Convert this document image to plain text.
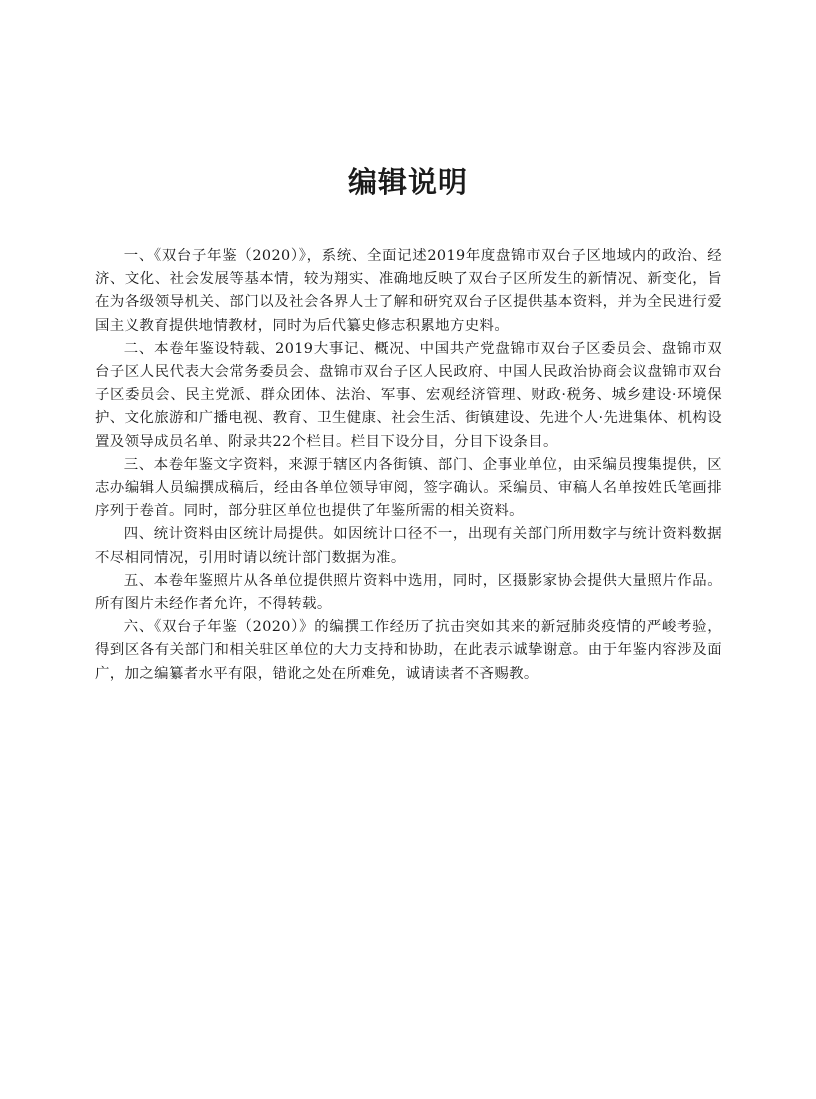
编辑说明

一、《双台子年鉴（2020）》，系统、全面记述2019年度盘锦市双台子区地域内的政治、经济、文化、社会发展等基本情，较为翔实、准确地反映了双台子区所发生的新情况、新变化，旨在为各级领导机关、部门以及社会各界人士了解和研究双台子区提供基本资料，并为全民进行爱国主义教育提供地情教材，同时为后代纂史修志积累地方史料。

二、本卷年鉴设特载、2019大事记、概况、中国共产党盘锦市双台子区委员会、盘锦市双台子区人民代表大会常务委员会、盘锦市双台子区人民政府、中国人民政治协商会议盘锦市双台子区委员会、民主党派、群众团体、法治、军事、宏观经济管理、财政·税务、城乡建设·环境保护、文化旅游和广播电视、教育、卫生健康、社会生活、街镇建设、先进个人·先进集体、机构设置及领导成员名单、附录共22个栏目。栏目下设分目，分目下设条目。

三、本卷年鉴文字资料，来源于辖区内各街镇、部门、企事业单位，由采编员搜集提供，区志办编辑人员编撰成稿后，经由各单位领导审阅，签字确认。采编员、审稿人名单按姓氏笔画排序列于卷首。同时，部分驻区单位也提供了年鉴所需的相关资料。

四、统计资料由区统计局提供。如因统计口径不一，出现有关部门所用数字与统计资料数据不尽相同情况，引用时请以统计部门数据为准。

五、本卷年鉴照片从各单位提供照片资料中选用，同时，区摄影家协会提供大量照片作品。所有图片未经作者允许，不得转载。

六、《双台子年鉴（2020）》的编撰工作经历了抗击突如其来的新冠肺炎疫情的严峻考验，得到区各有关部门和相关驻区单位的大力支持和协助，在此表示诚挚谢意。由于年鉴内容涉及面广，加之编纂者水平有限，错讹之处在所难免，诚请读者不吝赐教。
